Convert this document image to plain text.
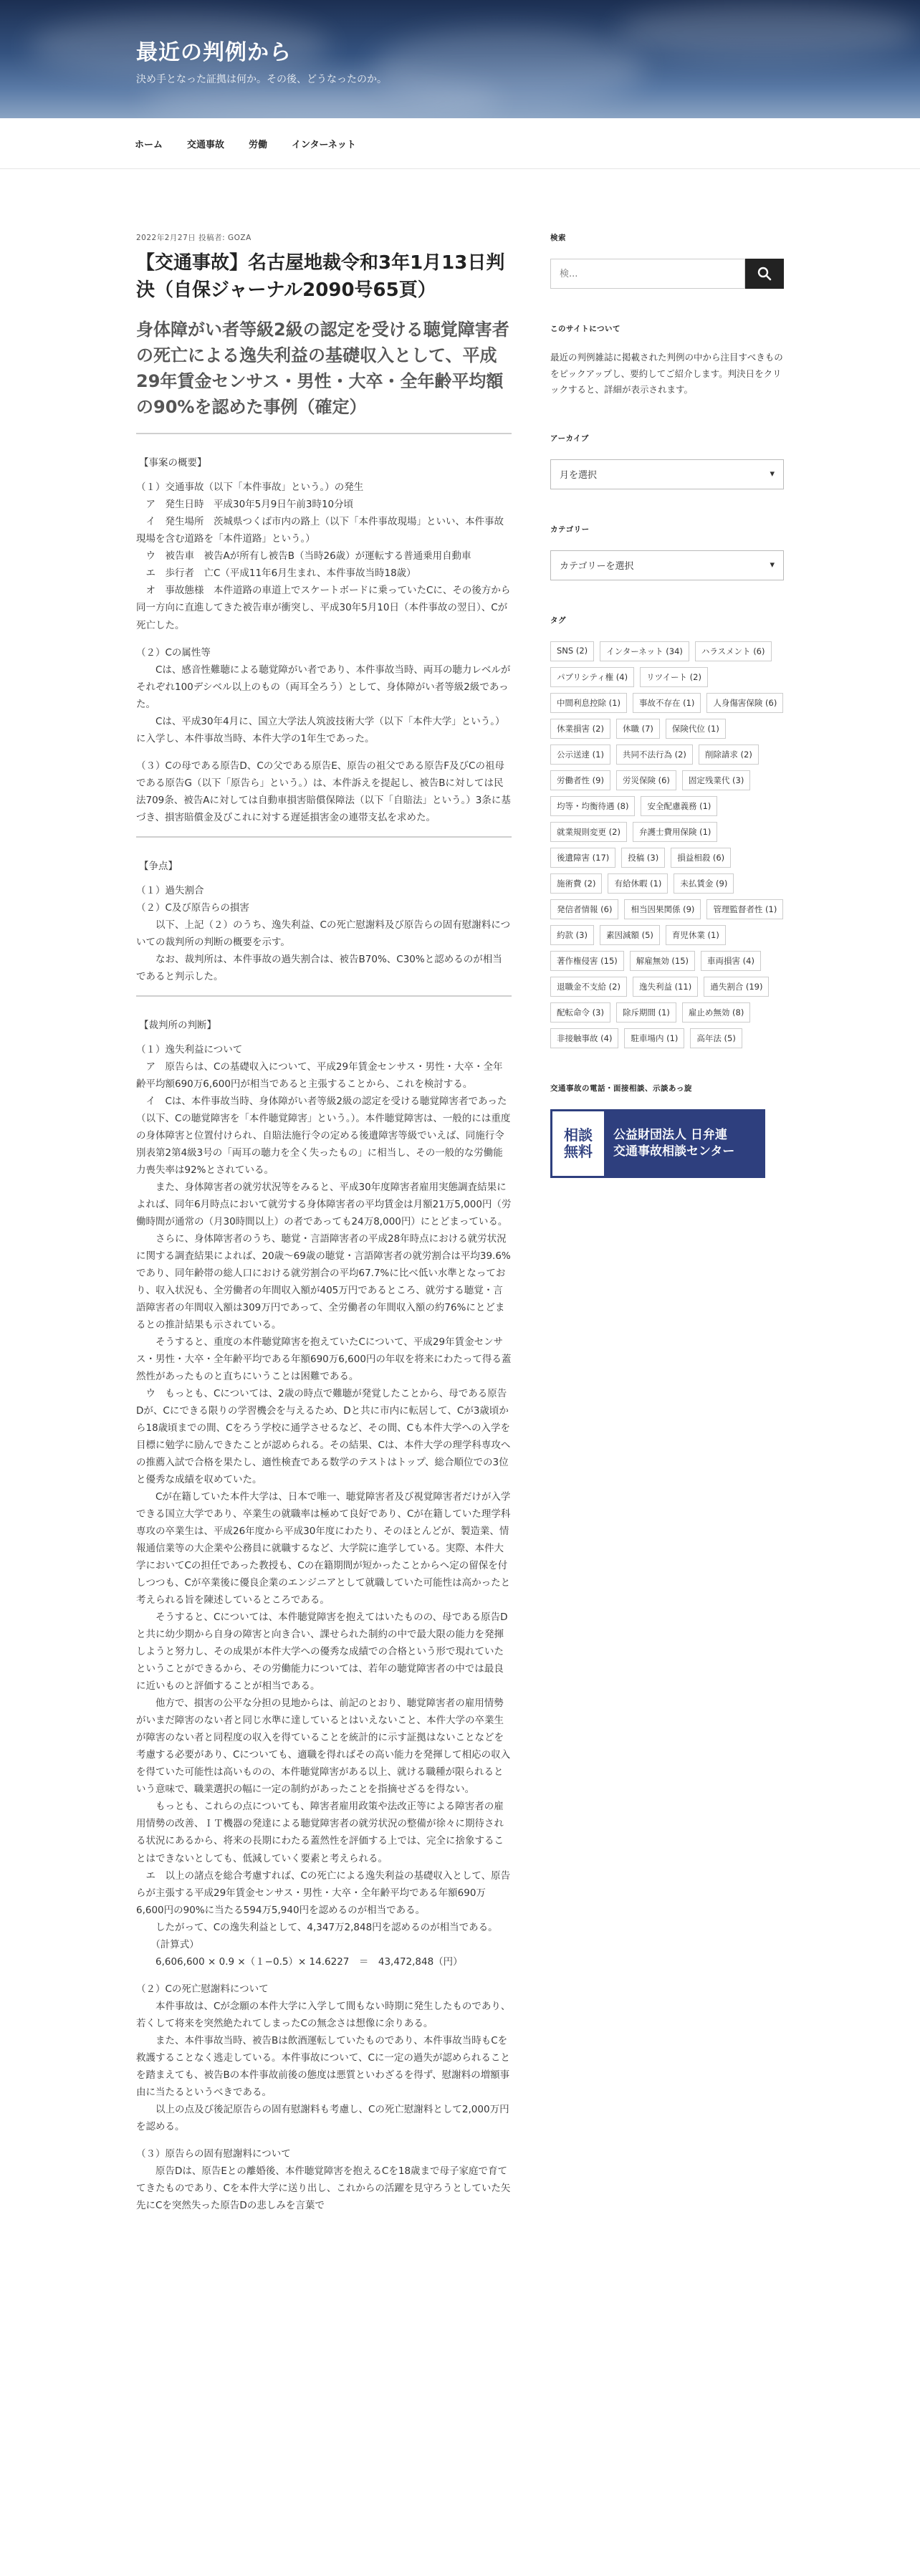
最近の判例から
決め手となった証拠は何か。その後、どうなったのか。
ホーム	交通事故	労働	インターネット
2022年2月27日 投稿者: GOZA
【交通事故】名古屋地裁令和3年1月13日判決（自保ジャーナル2090号65頁）
身体障がい者等級2級の認定を受ける聴覚障害者の死亡による逸失利益の基礎収入として、平成29年賃金センサス・男性・大卒・全年齢平均額の90%を認めた事例（確定）
【事案の概要】

（１）交通事故（以下「本件事故」という。）の発生

　ア　発生日時　平成30年5月9日午前3時10分頃

　イ　発生場所　茨城県つくば市内の路上（以下「本件事故現場」といい、本件事故現場を含む道路を「本件道路」という。）

　ウ　被告車　被告Aが所有し被告B（当時26歳）が運転する普通乗用自動車

　エ　歩行者　亡C（平成11年6月生まれ、本件事故当時18歳）

　オ　事故態様　本件道路の車道上でスケートボードに乗っていたCに、その後方から同一方向に直進してきた被告車が衝突し、平成30年5月10日（本件事故の翌日）、Cが死亡した。

（２）Cの属性等

　　Cは、感音性難聴による聴覚障がい者であり、本件事故当時、両耳の聴力レベルがそれぞれ100デシベル以上のもの（両耳全ろう）として、身体障がい者等級2級であった。

　　Cは、平成30年4月に、国立大学法人筑波技術大学（以下「本件大学」という。）に入学し、本件事故当時、本件大学の1年生であった。

（３）Cの母である原告D、Cの父である原告E、原告の祖父である原告F及びCの祖母である原告G（以下「原告ら」という。）は、本件訴えを提起し、被告Bに対しては民法709条、被告Aに対しては自動車損害賠償保障法（以下「自賠法」という。）3条に基づき、損害賠償金及びこれに対する遅延損害金の連帯支払を求めた。

【争点】

（１）過失割合

（２）C及び原告らの損害

　　以下、上記（２）のうち、逸失利益、Cの死亡慰謝料及び原告らの固有慰謝料についての裁判所の判断の概要を示す。

　　なお、裁判所は、本件事故の過失割合は、被告B70%、C30%と認めるのが相当であると判示した。

【裁判所の判断】

（１）逸失利益について

　ア　原告らは、Cの基礎収入について、平成29年賃金センサス・男性・大卒・全年齢平均額690万6,600円が相当であると主張することから、これを検討する。

　イ　Cは、本件事故当時、身体障がい者等級2級の認定を受ける聴覚障害者であった（以下、Cの聴覚障害を「本件聴覚障害」という。）。本件聴覚障害は、一般的には重度の身体障害と位置付けられ、自賠法施行令の定める後遺障害等級でいえば、同施行令別表第2第4級3号の「両耳の聴力を全く失ったもの」に相当し、その一般的な労働能力喪失率は92%とされている。

　　また、身体障害者の就労状況等をみると、平成30年度障害者雇用実態調査結果によれば、同年6月時点において就労する身体障害者の平均賃金は月額21万5,000円（労働時間が通常の（月30時間以上）の者であっても24万8,000円）にとどまっている。

　　さらに、身体障害者のうち、聴覚・言語障害者の平成28年時点における就労状況に関する調査結果によれば、20歳〜69歳の聴覚・言語障害者の就労割合は平均39.6%であり、同年齢帯の総人口における就労割合の平均67.7%に比べ低い水準となっており、収入状況も、全労働者の年間収入額が405万円であるところ、就労する聴覚・言語障害者の年間収入額は309万円であって、全労働者の年間収入額の約76%にとどまるとの推計結果も示されている。

　　そうすると、重度の本件聴覚障害を抱えていたCについて、平成29年賃金センサス・男性・大卒・全年齢平均である年額690万6,600円の年収を将来にわたって得る蓋然性があったものと直ちにいうことは困難である。

　ウ　もっとも、Cについては、2歳の時点で難聴が発覚したことから、母である原告Dが、Cにできる限りの学習機会を与えるため、Dと共に市内に転居して、Cが3歳頃から18歳頃までの間、Cをろう学校に通学させるなど、その間、Cも本件大学への入学を目標に勉学に励んできたことが認められる。その結果、Cは、本件大学の理学科専攻への推薦入試で合格を果たし、適性検査である数学のテストはトップ、総合順位での3位と優秀な成績を収めていた。

　　Cが在籍していた本件大学は、日本で唯一、聴覚障害者及び視覚障害者だけが入学できる国立大学であり、卒業生の就職率は極めて良好であり、Cが在籍していた理学科専攻の卒業生は、平成26年度から平成30年度にわたり、そのほとんどが、製造業、情報通信業等の大企業や公務員に就職するなど、大学院に進学している。実際、本件大学においてCの担任であった教授も、Cの在籍期間が短かったことからへ定の留保を付しつつも、Cが卒業後に優良企業のエンジニアとして就職していた可能性は高かったと考えられる旨を陳述しているところである。

　　そうすると、Cについては、本件聴覚障害を抱えてはいたものの、母である原告Dと共に幼少期から自身の障害と向き合い、課せられた制約の中で最大限の能力を発揮しようと努力し、その成果が本件大学への優秀な成績での合格という形で現れていたということができるから、その労働能力については、若年の聴覚障害者の中では最良に近いものと評価することが相当である。

　　他方で、損害の公平な分担の見地からは、前記のとおり、聴覚障害者の雇用情勢がいまだ障害のない者と同じ水準に達しているとはいえないこと、本件大学の卒業生が障害のない者と同程度の収入を得ていることを統計的に示す証拠はないことなどを考慮する必要があり、Cについても、適職を得ればその高い能力を発揮して相応の収入を得ていた可能性は高いものの、本件聴覚障害がある以上、就ける職種が限られるという意味で、職業選択の幅に一定の制約があったことを指摘せざるを得ない。

　　もっとも、これらの点についても、障害者雇用政策や法改正等による障害者の雇用情勢の改善、ＩＴ機器の発達による聴覚障害者の就労状況の整備が徐々に期待される状況にあるから、将来の長期にわたる蓋然性を評価する上では、完全に捨象することはできないとしても、低減していく要素と考えられる。

　エ　以上の諸点を総合考慮すれば、Cの死亡による逸失利益の基礎収入として、原告らが主張する平成29年賃金センサス・男性・大卒・全年齢平均である年額690万6,600円の90%に当たる594万5,940円を認めるのが相当である。

　　したがって、Cの逸失利益として、4,347万2,848円を認めるのが相当である。

　　（計算式）

　　6,606,600 × 0.9 ×（１−0.5）× 14.6227　＝　43,472,848（円）

（２）Cの死亡慰謝料について

　　本件事故は、Cが念願の本件大学に入学して間もない時期に発生したものであり、若くして将来を突然絶たれてしまったCの無念さは想像に余りある。

　　また、本件事故当時、被告Bは飲酒運転していたものであり、本件事故当時もCを救護することなく逃走している。本件事故について、Cに一定の過失が認められることを踏まえても、被告Bの本件事故前後の態度は悪質といわざるを得ず、慰謝料の増額事由に当たるというべきである。

　　以上の点及び後記原告らの固有慰謝料も考慮し、Cの死亡慰謝料として2,000万円を認める。

（３）原告らの固有慰謝料について

　　原告Dは、原告Eとの離婚後、本件聴覚障害を抱えるCを18歳まで母子家庭で育ててきたものであり、Cを本件大学に送り出し、これからの活躍を見守ろうとしていた矢先にCを突然失った原告Dの悲しみを言葉で

検索
検...
このサイトについて
最近の判例雑誌に掲載された判例の中から注目すべきものをピックアップし、要約してご紹介します。判決日をクリックすると、詳細が表示されます。
アーカイブ
月を選択	▾
カテゴリー
カテゴリーを選択	▾
タグ
SNS (2)	インターネット (34)	ハラスメント (6)
パブリシティ権 (4)	リツイート (2)
中間利息控除 (1)	事故不存在 (1)	人身傷害保険 (6)
休業損害 (2)	休職 (7)	保険代位 (1)
公示送達 (1)	共同不法行為 (2)	削除請求 (2)
労働者性 (9)	労災保険 (6)	固定残業代 (3)
均等・均衡待遇 (8)	安全配慮義務 (1)
就業規則変更 (2)	弁護士費用保険 (1)
後遺障害 (17)	投稿 (3)	損益相殺 (6)
施術費 (2)	有給休暇 (1)	未払賃金 (9)
発信者情報 (6)	相当因果関係 (9)	管理監督者性 (1)
約款 (3)	素因減額 (5)	育児休業 (1)
著作権侵害 (15)	解雇無効 (15)	車両損害 (4)
退職金不支給 (2)	逸失利益 (11)	過失割合 (19)
配転命令 (3)	除斥期間 (1)	雇止め無効 (8)
非接触事故 (4)	駐車場内 (1)	高年法 (5)
交通事故の電話・面接相談、示談あっ旋
相談
無料
公益財団法人 日弁連
交通事故相談センター
